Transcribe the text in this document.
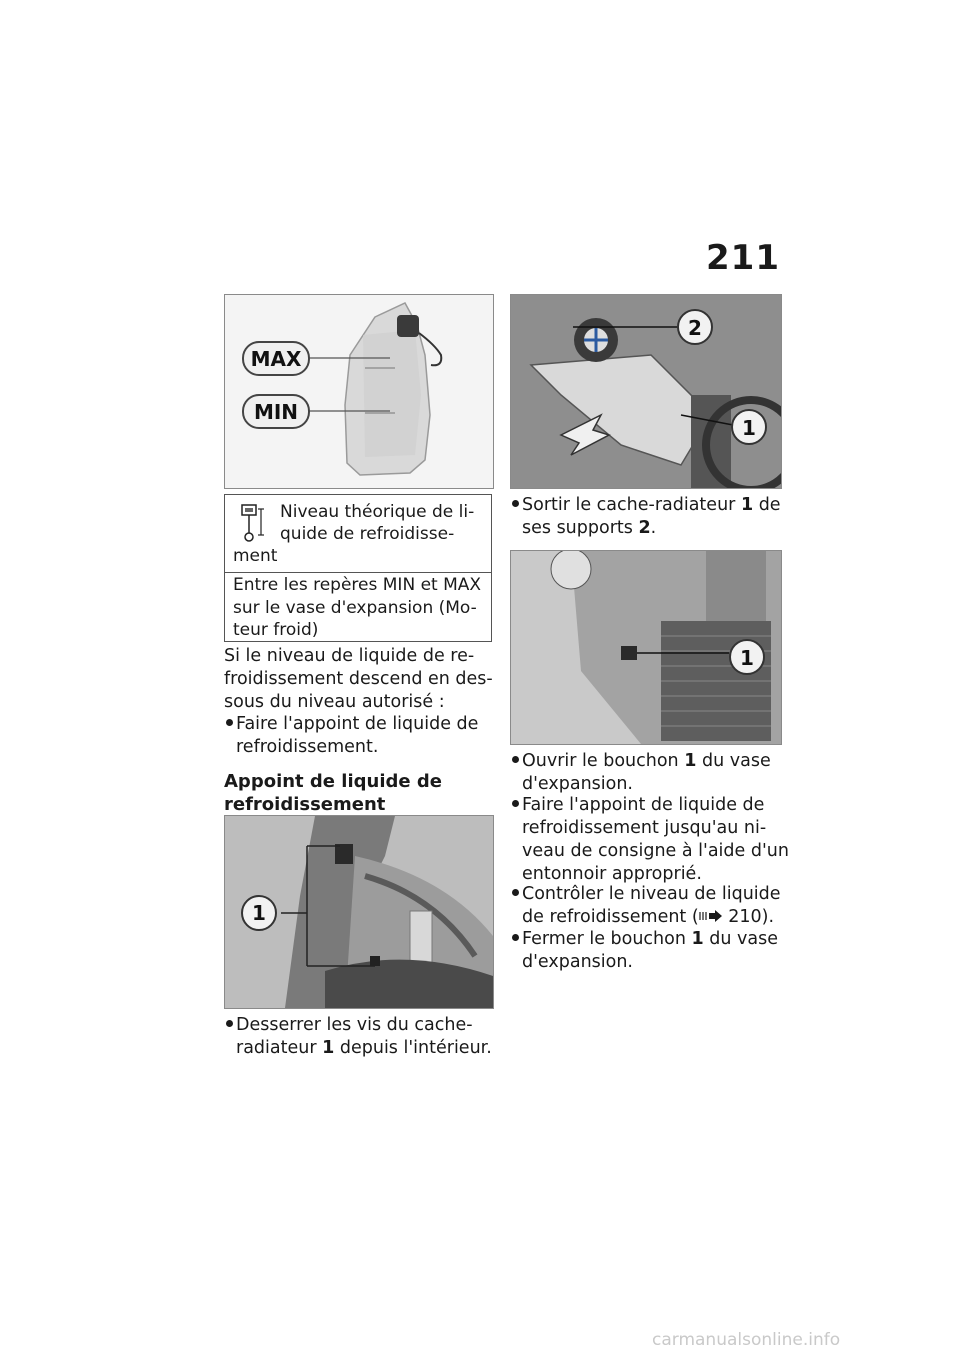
211
MAX
MIN
Niveau théorique de li-
quide de refroidisse-
ment
Entre les repères MIN et MAX
sur le vase d'expansion (Mo-
teur froid)
Si le niveau de liquide de re-
froidissement descend en des-
sous du niveau autorisé :
Faire l'appoint de liquide de
refroidissement.
Appoint de liquide de
refroidissement
1
Desserrer les vis du cache-
radiateur 1 depuis l'intérieur.
2
1
Sortir le cache-radiateur 1 de
ses supports 2.
1
Ouvrir le bouchon 1 du vase
d'expansion.
Faire l'appoint de liquide de
refroidissement jusqu'au ni-
veau de consigne à l'aide d'un
entonnoir approprié.
Contrôler le niveau de liquide
de refroidissement ( 210).
Fermer le bouchon 1 du vase
d'expansion.
carmanualsonline.info
